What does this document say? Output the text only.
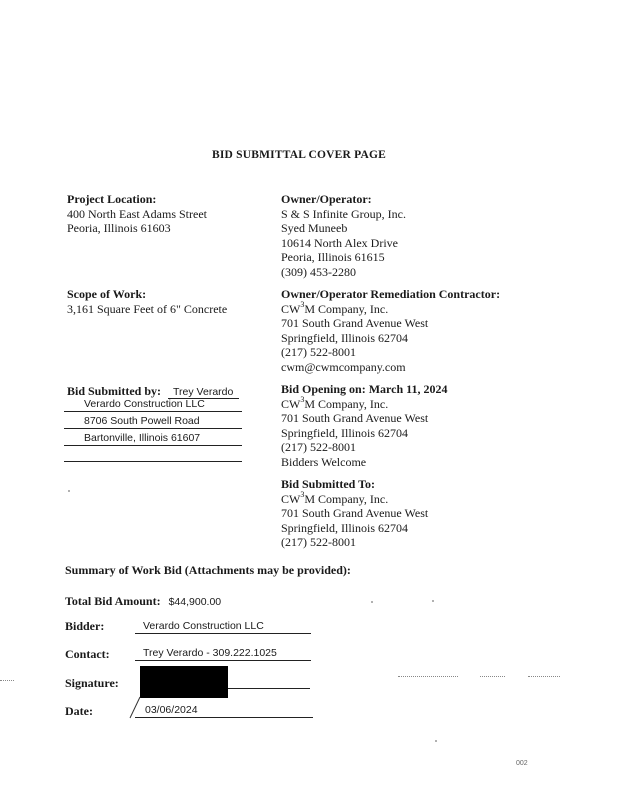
BID SUBMITTAL COVER PAGE
Project Location:
400 North East Adams Street
Peoria, Illinois 61603
Owner/Operator:
S & S Infinite Group, Inc.
Syed Muneeb
10614 North Alex Drive
Peoria, Illinois 61615
(309) 453-2280
Scope of Work:
3,161 Square Feet of 6" Concrete
Owner/Operator Remediation Contractor:
$CW^3M$ Company, Inc.
701 South Grand Avenue West
Springfield, Illinois 62704
(217) 522-8001
cwm@cwmcompany.com
Bid Submitted by: Trey Verardo
Verardo Construction LLC
8706 South Powell Road
Bartonville, Illinois 61607
Bid Opening on: March 11, 2024
$CW^3M$ Company, Inc.
701 South Grand Avenue West
Springfield, Illinois 62704
(217) 522-8001
Bidders Welcome
Bid Submitted To:
$CW^3M$ Company, Inc.
701 South Grand Avenue West
Springfield, Illinois 62704
(217) 522-8001
Summary of Work Bid (Attachments may be provided):
Total Bid Amount: $44,900.00
Bidder:	Verardo Construction LLC
Contact:	Trey Verardo - 309.222.1025
Signature:
Date:	03/06/2024
002
